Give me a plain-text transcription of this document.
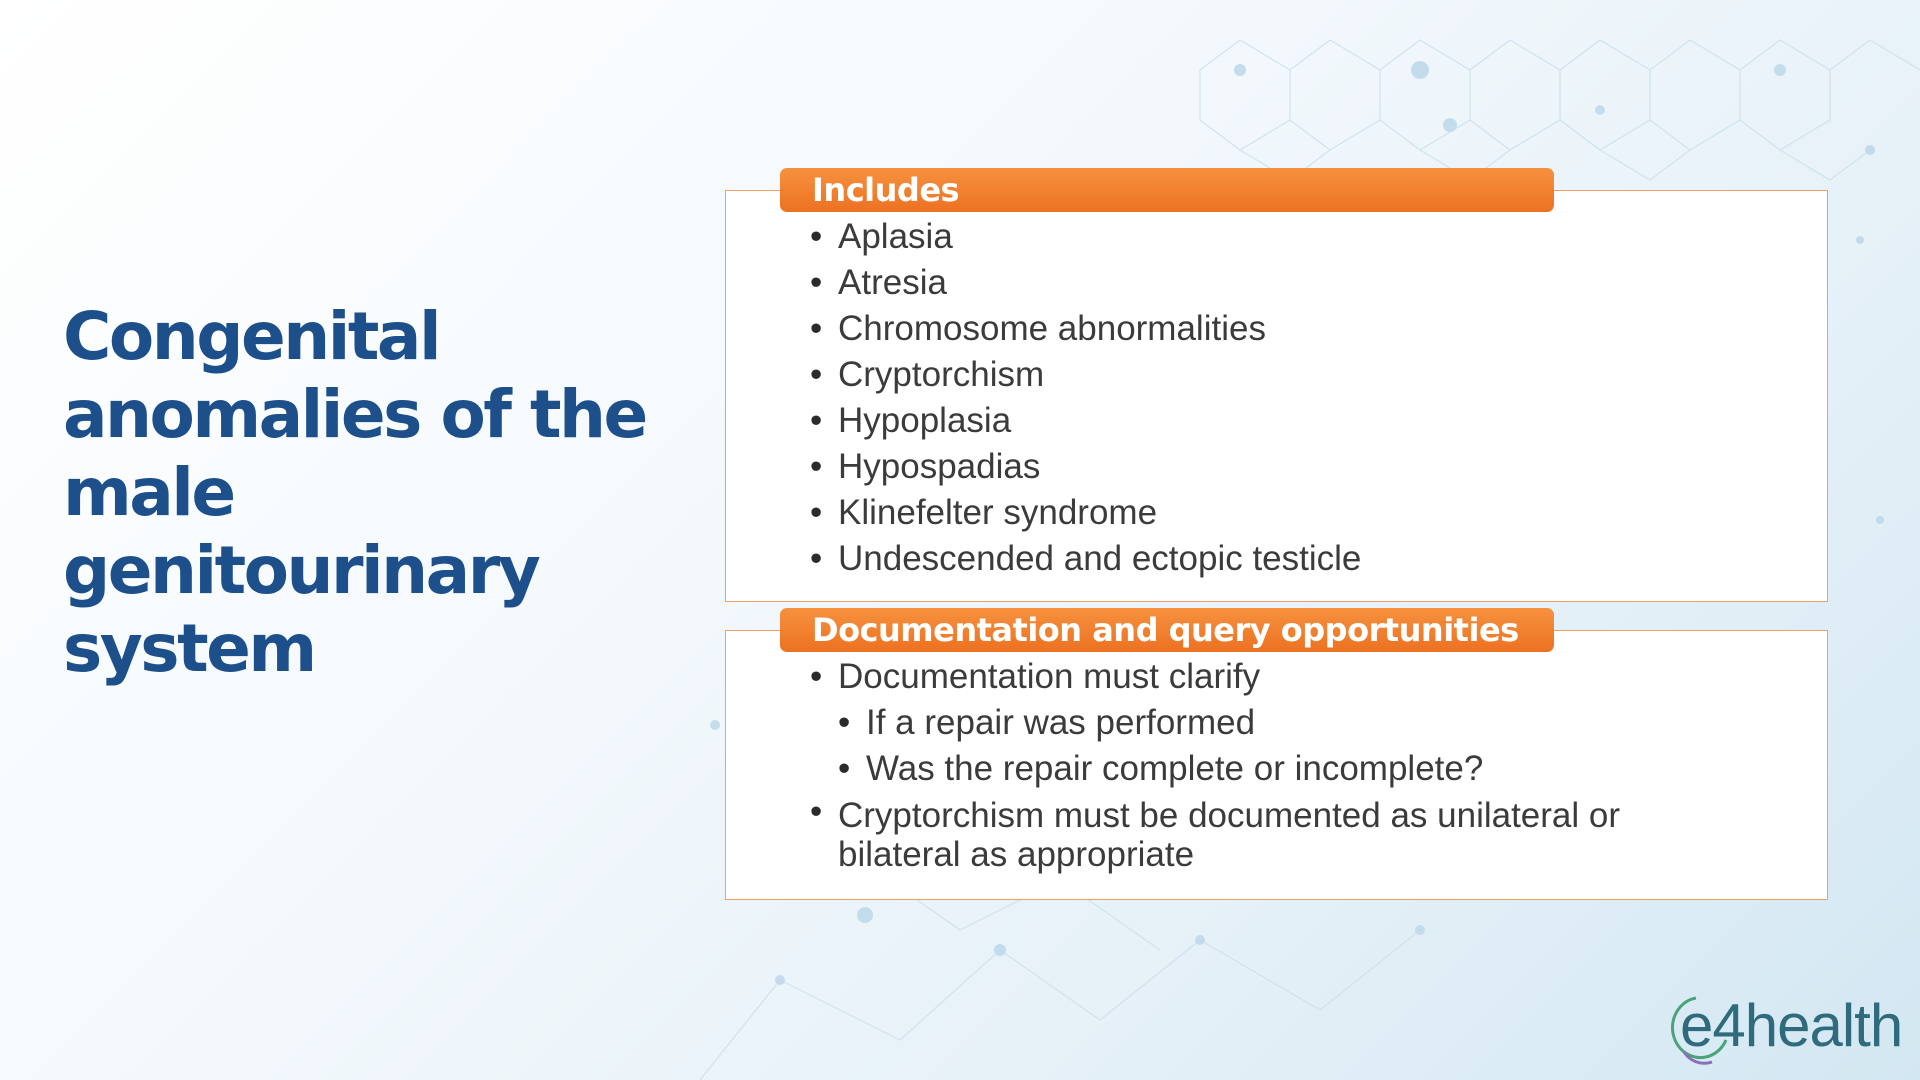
Congenital anomalies of the male genitourinary system
Includes
• Aplasia
• Atresia
• Chromosome abnormalities
• Cryptorchism
• Hypoplasia
• Hypospadias
• Klinefelter syndrome
• Undescended and ectopic testicle
Documentation and query opportunities
• Documentation must clarify
• If a repair was performed
• Was the repair complete or incomplete?
• Cryptorchism must be documented as unilateral or bilateral as appropriate
e4health
